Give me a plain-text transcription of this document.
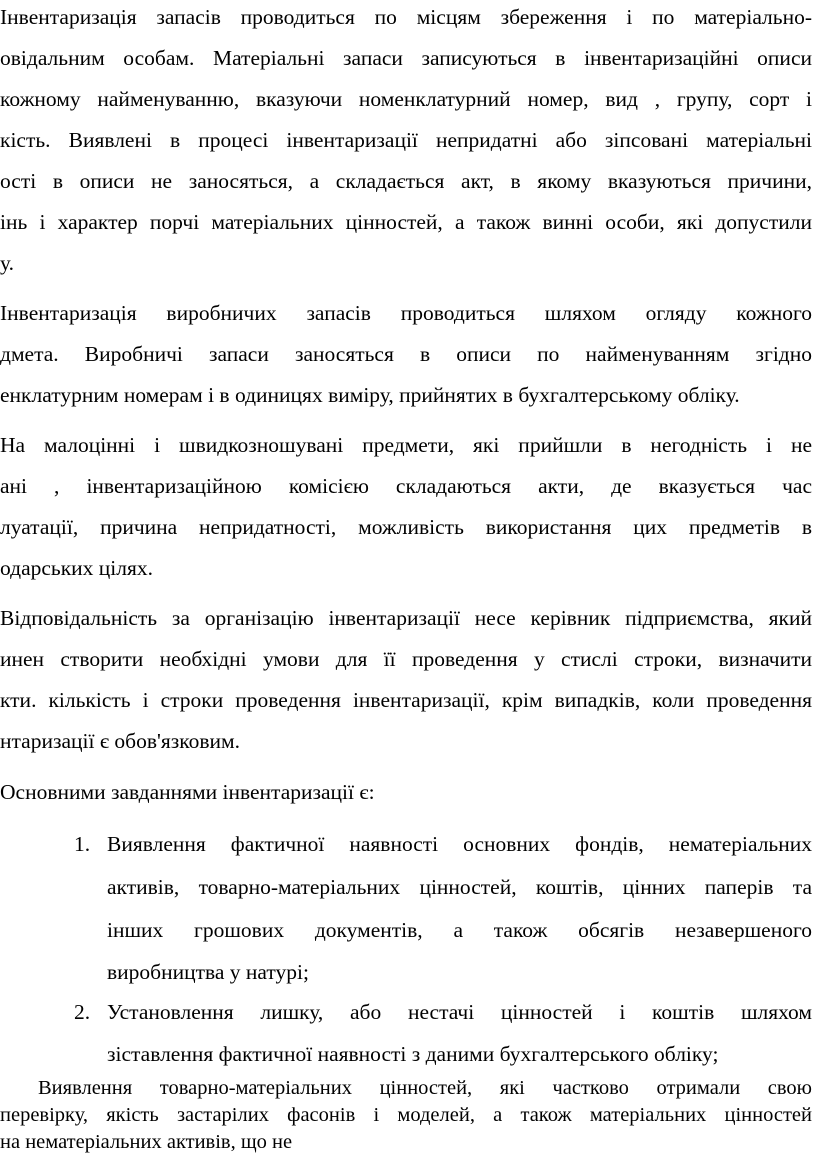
Інвентаризація запасів проводиться по місцям збереження і по матеріально-
овідальним особам. Матеріальні запаси записуються в інвентаризаційні описи
кожному найменуванню, вказуючи номенклатурний номер, вид , групу, сорт і
кість. Виявлені в процесі інвентаризації непридатні або зіпсовані матеріальні
ості в описи не заносяться, а складається акт, в якому вказуються причини,
інь і характер порчі матеріальних цінностей, а також винні особи, які допустили
у.
Інвентаризація виробничих запасів проводиться шляхом огляду кожного
дмета. Виробничі запаси заносяться в описи по найменуванням згідно
енклатурним номерам і в одиницях виміру, прийнятих в бухгалтерському обліку.
На малоцінні і швидкозношувані предмети, які прийшли в негодність і не
ані , інвентаризаційною комісією складаються акти, де вказується час
луатації, причина непридатності, можливість використання цих предметів в
одарських цілях.
Відповідальність за організацію інвентаризації несе керівник підприємства, який
инен створити необхідні умови для її проведення у стислі строки, визначити
кти. кількість і строки проведення інвентаризації, крім випадків, коли проведення
нтаризації є обов'язковим.
Основними завданнями інвентаризації є:
1. Виявлення фактичної наявності основних фондів, нематеріальних
активів, товарно-матеріальних цінностей, коштів, цінних паперів та
інших грошових документів, а також обсягів незавершеного
виробництва у натурі;
2. Установлення лишку, або нестачі цінностей і коштів шляхом
зіставлення фактичної наявності з даними бухгалтерського обліку;
Виявлення товарно-матеріальних цінностей, які частково отримали свою
перевірку, якість застарілих фасонів і моделей, а також матеріальних цінностей
на нематеріальних активів, що не
